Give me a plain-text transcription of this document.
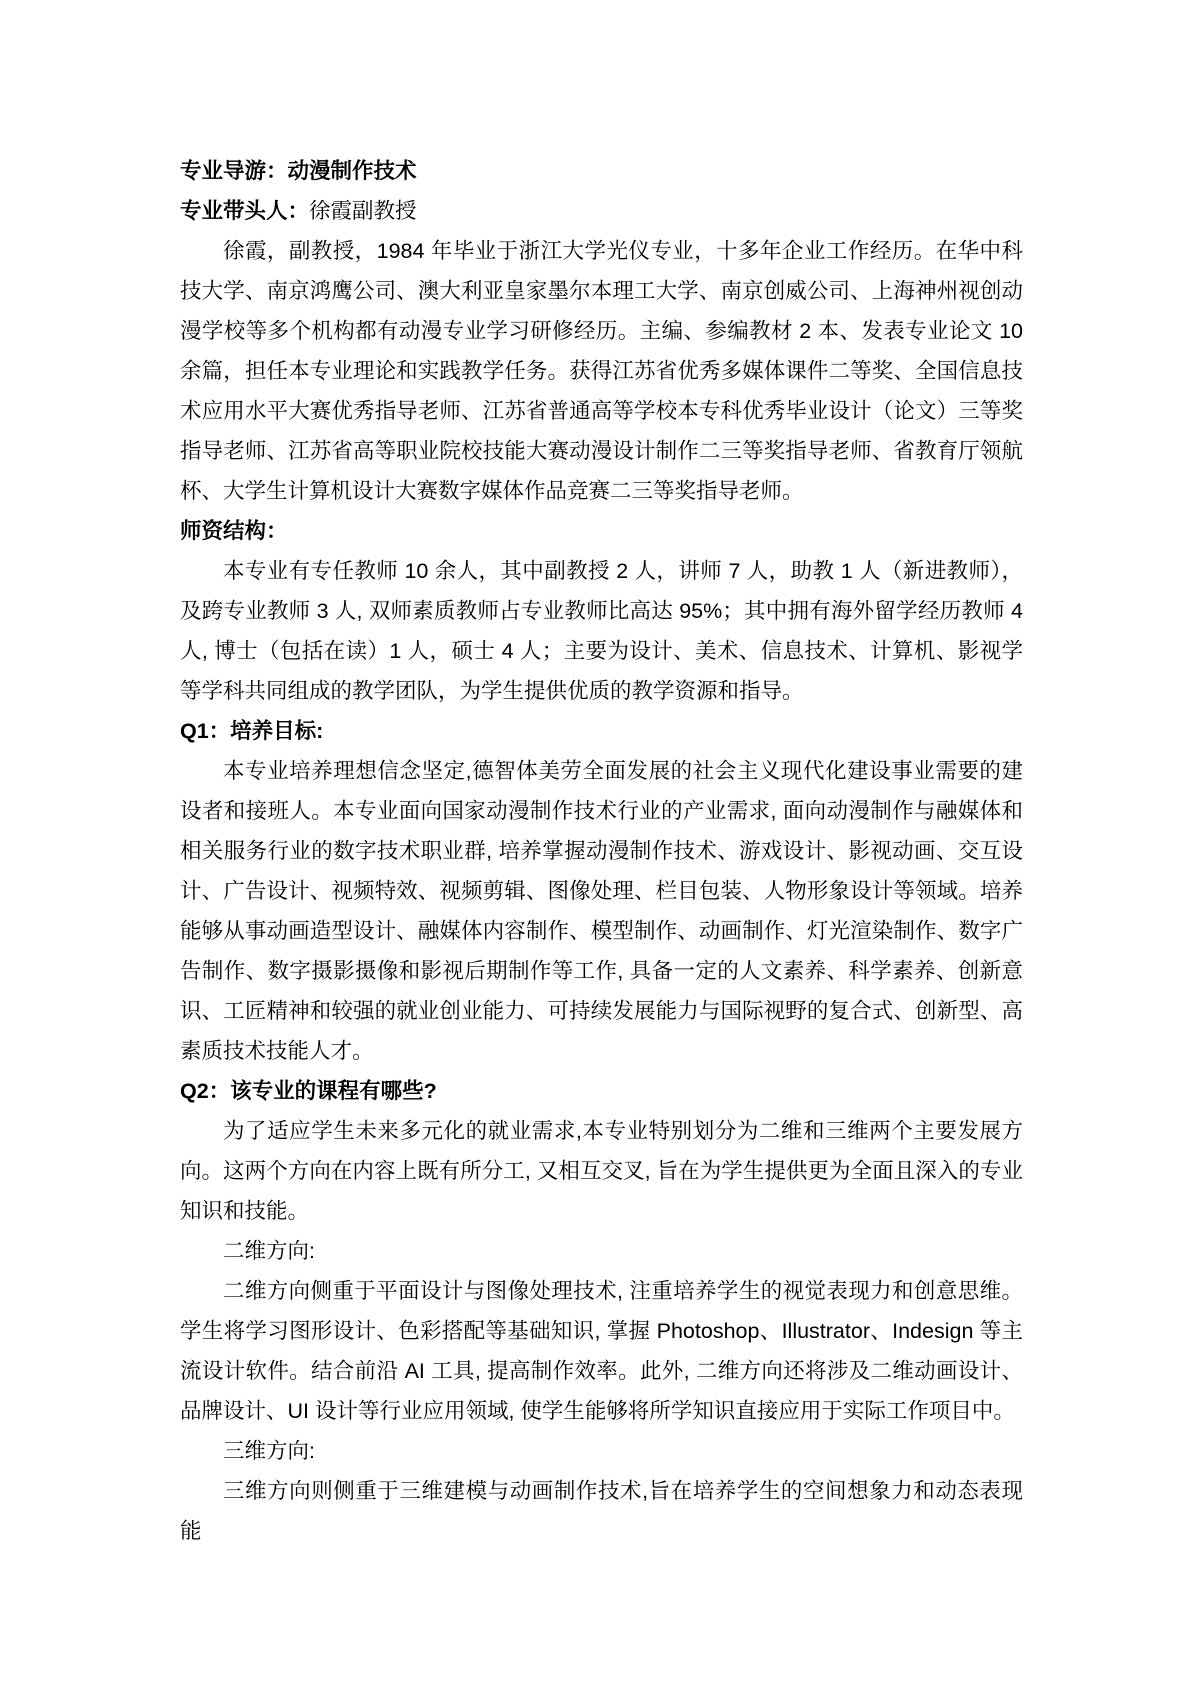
专业导游：动漫制作技术

专业带头人：徐霞副教授

徐霞，副教授，1984 年毕业于浙江大学光仪专业，十多年企业工作经历。在华中科技大学、南京鸿鹰公司、澳大利亚皇家墨尔本理工大学、南京创威公司、上海神州视创动漫学校等多个机构都有动漫专业学习研修经历。主编、参编教材 2 本、发表专业论文 10 余篇，担任本专业理论和实践教学任务。获得江苏省优秀多媒体课件二等奖、全国信息技术应用水平大赛优秀指导老师、江苏省普通高等学校本专科优秀毕业设计（论文）三等奖指导老师、江苏省高等职业院校技能大赛动漫设计制作二三等奖指导老师、省教育厅领航杯、大学生计算机设计大赛数字媒体作品竞赛二三等奖指导老师。

师资结构：

本专业有专任教师 10 余人，其中副教授 2 人，讲师 7 人，助教 1 人（新进教师），及跨专业教师 3 人, 双师素质教师占专业教师比高达 95%；其中拥有海外留学经历教师 4 人, 博士（包括在读）1 人，硕士 4 人；主要为设计、美术、信息技术、计算机、影视学等学科共同组成的教学团队，为学生提供优质的教学资源和指导。

Q1：培养目标:

本专业培养理想信念坚定,德智体美劳全面发展的社会主义现代化建设事业需要的建设者和接班人。本专业面向国家动漫制作技术行业的产业需求, 面向动漫制作与融媒体和相关服务行业的数字技术职业群, 培养掌握动漫制作技术、游戏设计、影视动画、交互设计、广告设计、视频特效、视频剪辑、图像处理、栏目包装、人物形象设计等领域。培养能够从事动画造型设计、融媒体内容制作、模型制作、动画制作、灯光渲染制作、数字广告制作、数字摄影摄像和影视后期制作等工作, 具备一定的人文素养、科学素养、创新意识、工匠精神和较强的就业创业能力、可持续发展能力与国际视野的复合式、创新型、高素质技术技能人才。

Q2：该专业的课程有哪些?

为了适应学生未来多元化的就业需求,本专业特别划分为二维和三维两个主要发展方向。这两个方向在内容上既有所分工, 又相互交叉, 旨在为学生提供更为全面且深入的专业知识和技能。

二维方向:

二维方向侧重于平面设计与图像处理技术, 注重培养学生的视觉表现力和创意思维。学生将学习图形设计、色彩搭配等基础知识, 掌握 Photoshop、Illustrator、Indesign 等主流设计软件。结合前沿 AI 工具, 提高制作效率。此外, 二维方向还将涉及二维动画设计、品牌设计、UI 设计等行业应用领域, 使学生能够将所学知识直接应用于实际工作项目中。

三维方向:

三维方向则侧重于三维建模与动画制作技术,旨在培养学生的空间想象力和动态表现能
